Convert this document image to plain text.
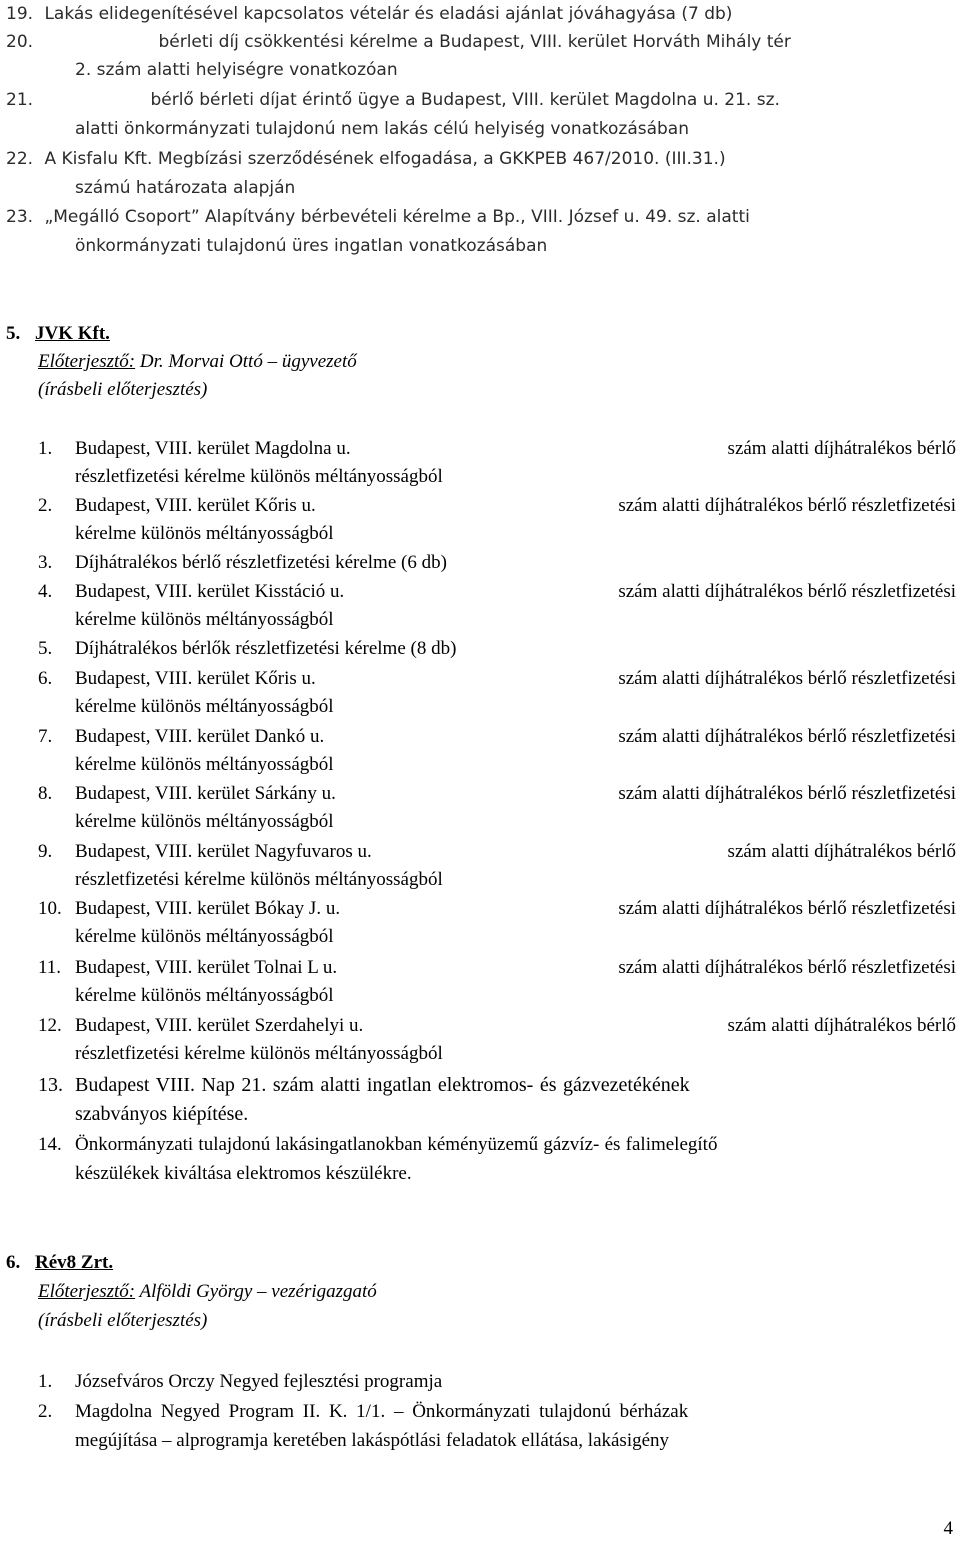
19. Lakás elidegenítésével kapcsolatos vételár és eladási ajánlat jóváhagyása (7 db)
20.	bérleti díj csökkentési kérelme a Budapest, VIII. kerület Horváth Mihály tér
2. szám alatti helyiségre vonatkozóan
21.	bérlő bérleti díjat érintő ügye a Budapest, VIII. kerület Magdolna u. 21. sz.
alatti önkormányzati tulajdonú nem lakás célú helyiség vonatkozásában
22. A Kisfalu Kft. Megbízási szerződésének elfogadása, a GKKPEB 467/2010. (III.31.)
számú határozata alapján
23. „Megálló Csoport” Alapítvány bérbevételi kérelme a Bp., VIII. József u. 49. sz. alatti
önkormányzati tulajdonú üres ingatlan vonatkozásában
5. JVK Kft.
Előterjesztő: Dr. Morvai Ottó – ügyvezető
(írásbeli előterjesztés)
1. Budapest, VIII. kerület Magdolna u.	szám alatti díjhátralékos bérlő
részletfizetési kérelme különös méltányosságból
2. Budapest, VIII. kerület Kőris u.	szám alatti díjhátralékos bérlő részletfizetési
kérelme különös méltányosságból
3. Díjhátralékos bérlő részletfizetési kérelme (6 db)
4. Budapest, VIII. kerület Kisstáció u.	szám alatti díjhátralékos bérlő részletfizetési
kérelme különös méltányosságból
5. Díjhátralékos bérlők részletfizetési kérelme (8 db)
6. Budapest, VIII. kerület Kőris u.	szám alatti díjhátralékos bérlő részletfizetési
kérelme különös méltányosságból
7. Budapest, VIII. kerület Dankó u.	szám alatti díjhátralékos bérlő részletfizetési
kérelme különös méltányosságból
8. Budapest, VIII. kerület Sárkány u.	szám alatti díjhátralékos bérlő részletfizetési
kérelme különös méltányosságból
9. Budapest, VIII. kerület Nagyfuvaros u.	szám alatti díjhátralékos bérlő
részletfizetési kérelme különös méltányosságból
10. Budapest, VIII. kerület Bókay J. u.	szám alatti díjhátralékos bérlő részletfizetési
kérelme különös méltányosságból
11. Budapest, VIII. kerület Tolnai L u.	szám alatti díjhátralékos bérlő részletfizetési
kérelme különös méltányosságból
12. Budapest, VIII. kerület Szerdahelyi u.	szám alatti díjhátralékos bérlő
részletfizetési kérelme különös méltányosságból
13. Budapest VIII. Nap 21. szám alatti ingatlan elektromos- és gázvezetékének
szabványos kiépítése.
14. Önkormányzati tulajdonú lakásingatlanokban kéményüzemű gázvíz- és falimelegítő
készülékek kiváltása elektromos készülékre.
6. Rév8 Zrt.
Előterjesztő: Alföldi György – vezérigazgató
(írásbeli előterjesztés)
1. Józsefváros Orczy Negyed fejlesztési programja
2. Magdolna Negyed Program II. K. 1/1. – Önkormányzati tulajdonú bérházak
megújítása – alprogramja keretében lakáspótlási feladatok ellátása, lakásigény
4
